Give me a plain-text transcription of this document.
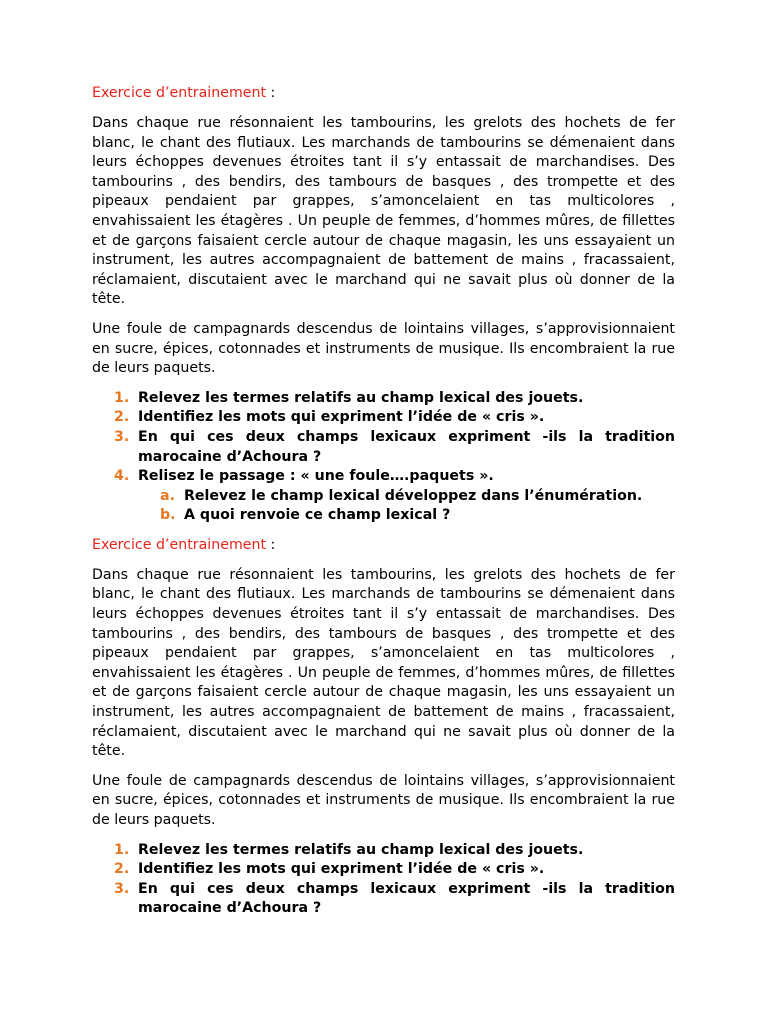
Exercice d’entrainement :
Dans chaque rue résonnaient les tambourins, les grelots des hochets de fer blanc, le chant des flutiaux. Les marchands de tambourins se démenaient dans leurs échoppes devenues étroites tant il s’y entassait de marchandises. Des tambourins , des bendirs, des tambours de basques , des trompette et des pipeaux pendaient par grappes, s’amoncelaient en tas multicolores , envahissaient les étagères . Un peuple de femmes, d’hommes mûres, de fillettes et de garçons faisaient cercle autour de chaque magasin, les uns essayaient un instrument, les autres accompagnaient de battement de mains , fracassaient, réclamaient, discutaient avec le marchand qui ne savait plus où donner de la tête.
Une foule de campagnards descendus de lointains villages, s’approvisionnaient en sucre, épices, cotonnades et instruments de musique. Ils encombraient la rue de leurs paquets.
1. Relevez les termes relatifs au champ lexical des jouets.
2. Identifiez les mots qui expriment l’idée de « cris ».
3. En qui ces deux champs lexicaux expriment -ils la tradition marocaine d’Achoura ?
4. Relisez le passage : « une foule….paquets ».
a. Relevez le champ lexical développez dans l’énumération.
b. A quoi renvoie ce champ lexical ?
Exercice d’entrainement :
Dans chaque rue résonnaient les tambourins, les grelots des hochets de fer blanc, le chant des flutiaux. Les marchands de tambourins se démenaient dans leurs échoppes devenues étroites tant il s’y entassait de marchandises. Des tambourins , des bendirs, des tambours de basques , des trompette et des pipeaux pendaient par grappes, s’amoncelaient en tas multicolores , envahissaient les étagères . Un peuple de femmes, d’hommes mûres, de fillettes et de garçons faisaient cercle autour de chaque magasin, les uns essayaient un instrument, les autres accompagnaient de battement de mains , fracassaient, réclamaient, discutaient avec le marchand qui ne savait plus où donner de la tête.
Une foule de campagnards descendus de lointains villages, s’approvisionnaient en sucre, épices, cotonnades et instruments de musique. Ils encombraient la rue de leurs paquets.
1. Relevez les termes relatifs au champ lexical des jouets.
2. Identifiez les mots qui expriment l’idée de « cris ».
3. En qui ces deux champs lexicaux expriment -ils la tradition marocaine d’Achoura ?
